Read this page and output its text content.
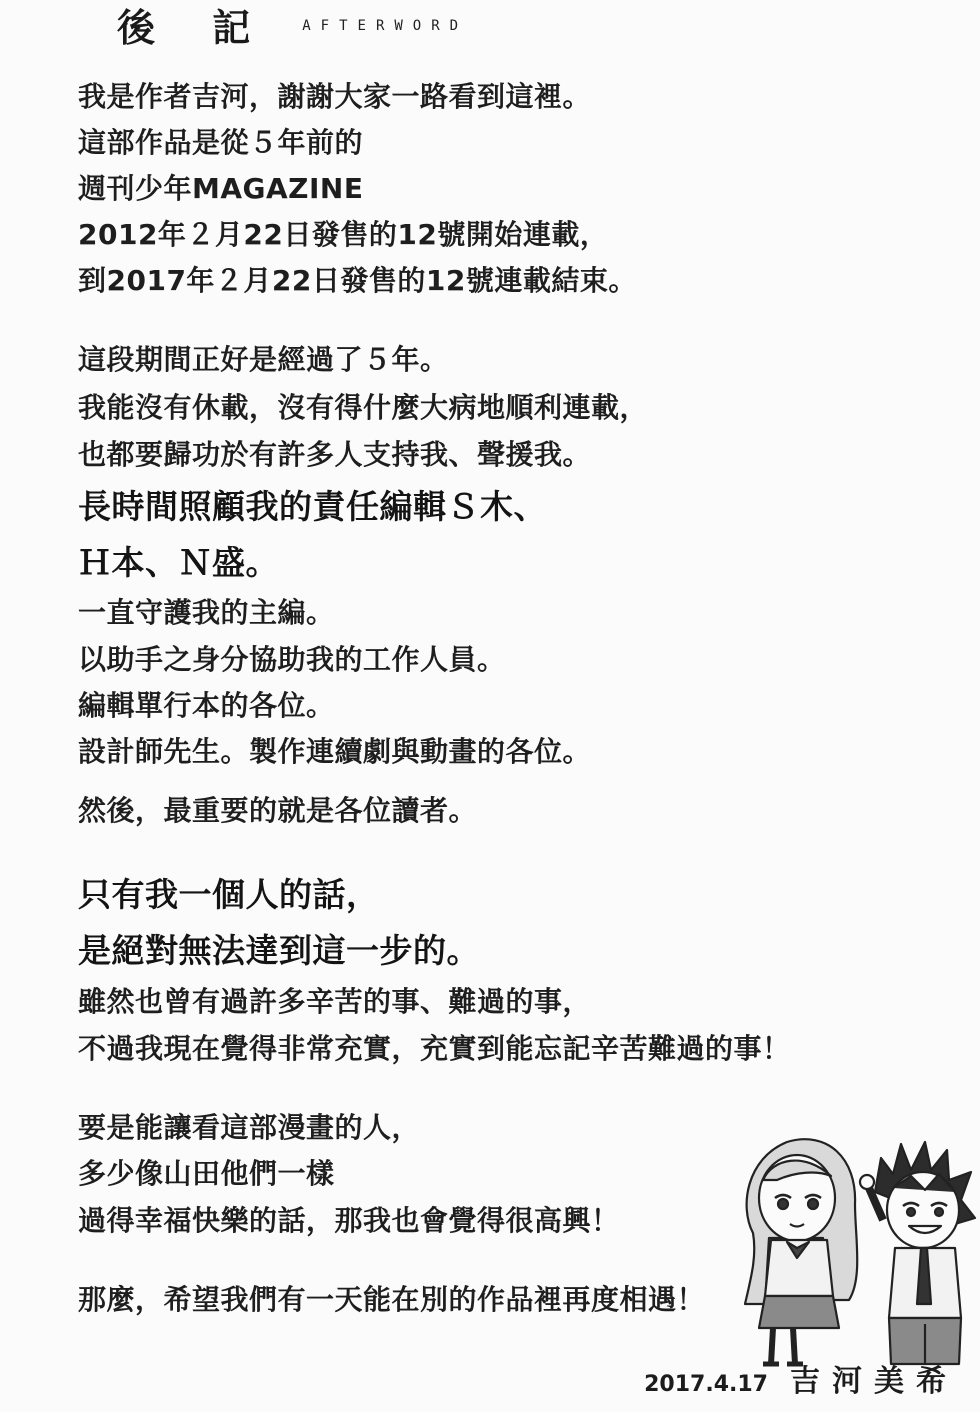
後 記 AFTERWORD
我是作者吉河，謝謝大家一路看到這裡。
這部作品是從５年前的
週刊少年MAGAZINE
2012年２月22日發售的12號開始連載，
到2017年２月22日發售的12號連載結束。
這段期間正好是經過了５年。
我能沒有休載，沒有得什麼大病地順利連載，
也都要歸功於有許多人支持我、聲援我。
長時間照顧我的責任編輯Ｓ木、
Ｈ本、Ｎ盛。
一直守護我的主編。
以助手之身分協助我的工作人員。
編輯單行本的各位。
設計師先生。製作連續劇與動畫的各位。
然後，最重要的就是各位讀者。
只有我一個人的話，
是絕對無法達到這一步的。
雖然也曾有過許多辛苦的事、難過的事，
不過我現在覺得非常充實，充實到能忘記辛苦難過的事！
要是能讓看這部漫畫的人，
多少像山田他們一樣
過得幸福快樂的話，那我也會覺得很高興！
那麼，希望我們有一天能在別的作品裡再度相遇！
2017.4.17 吉河美希
